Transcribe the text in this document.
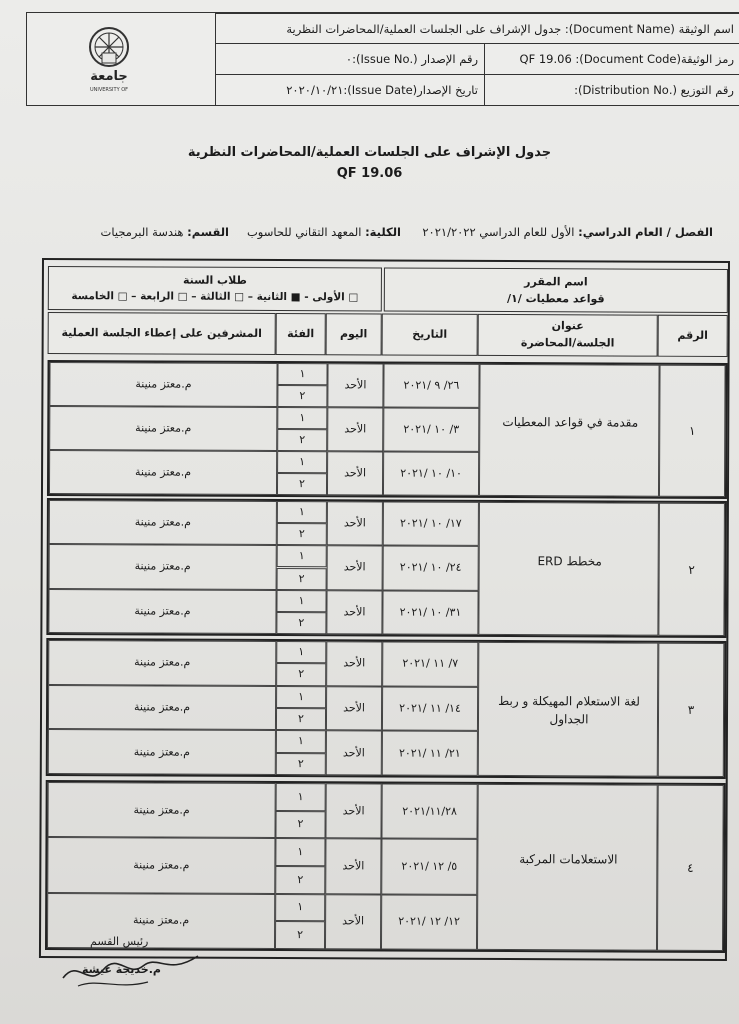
جامعة
UNIVERSITY OF
اسم الوثيقة (Document Name): جدول الإشراف على الجلسات العملية/المحاضرات النظرية
رمز الوثيقة(Document Code): QF 19.06
رقم الإصدار (.Issue No):٠
رقم التوزيع (.Distribution No):
تاريخ الإصدار(Issue Date):٢٠٢٠/١٠/٢١
جدول الإشراف على الجلسات العملية/المحاضرات النظرية
QF 19.06
الفصل / العام الدراسي: الأول للعام الدراسي ٢٠٢١/٢٠٢٢
الكلية: المعهد التقاني للحاسوب
القسم: هندسة البرمجيات
اسم المقرر
قواعد معطيات /١/
طلاب السنة
□ الأولى - ■ الثانية – □ الثالثة – □ الرابعة – □ الخامسة
الرقم
عنوان
الجلسة/المحاضرة
التاريخ
اليوم
الفئة
المشرفين على إعطاء الجلسة العملية
١
مقدمة في قواعد المعطيات
٢٦/ ٩ /٢٠٢١
الأحد
١
٢
م.معتز منينة
٣/ ١٠ /٢٠٢١
الأحد
١
٢
م.معتز منينة
١٠/ ١٠ /٢٠٢١
الأحد
١
٢
م.معتز منينة
٢
مخطط ERD
١٧/ ١٠ /٢٠٢١
الأحد
١
٢
م.معتز منينة
٢٤/ ١٠ /٢٠٢١
الأحد
١
٢
م.معتز منينة
٣١/ ١٠ /٢٠٢١
الأحد
١
٢
م.معتز منينة
٣
لغة الاستعلام المهيكلة و ربط الجداول
٧/ ١١ /٢٠٢١
الأحد
١
٢
م.معتز منينة
١٤/ ١١ /٢٠٢١
الأحد
١
٢
م.معتز منينة
٢١/ ١١ /٢٠٢١
الأحد
١
٢
م.معتز منينة
٤
الاستعلامات المركبة
٢٠٢١/١١/٢٨
الأحد
١
٢
م.معتز منينة
٥/ ١٢ /٢٠٢١
الأحد
١
٢
م.معتز منينة
١٢/ ١٢ /٢٠٢١
الأحد
١
٢
م.معتز منينة
رئيس القسم
م.خديجة غيشة
